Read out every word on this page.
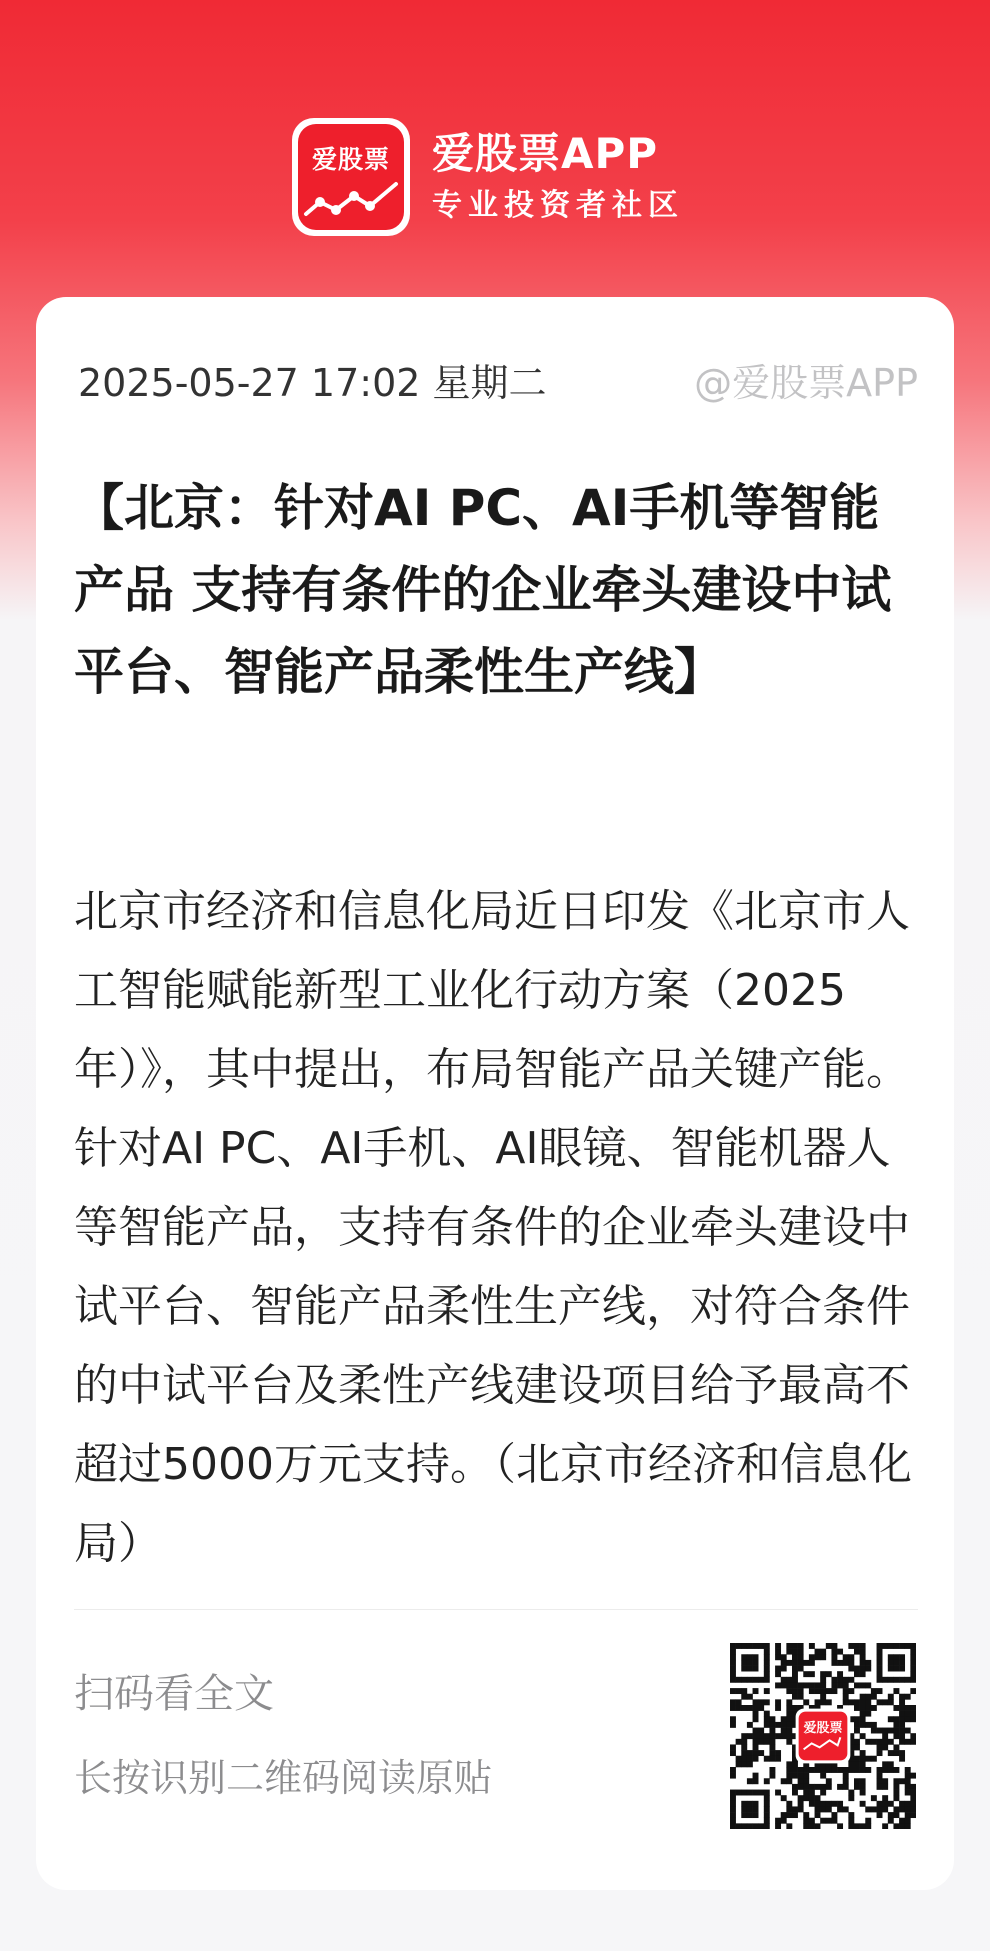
爱股票	爱股票APP
专业投资者社区
2025-05-27 17:02 星期二	@爱股票APP

【北京：针对AI PC、AI手机等智能产品 支持有条件的企业牵头建设中试平台、智能产品柔性生产线】

北京市经济和信息化局近日印发《北京市人工智能赋能新型工业化行动方案（2025年）》，其中提出，布局智能产品关键产能。针对AI PC、AI手机、AI眼镜、智能机器人等智能产品，支持有条件的企业牵头建设中试平台、智能产品柔性生产线，对符合条件的中试平台及柔性产线建设项目给予最高不超过5000万元支持。（北京市经济和信息化局）

扫码看全文
长按识别二维码阅读原贴
爱股票
